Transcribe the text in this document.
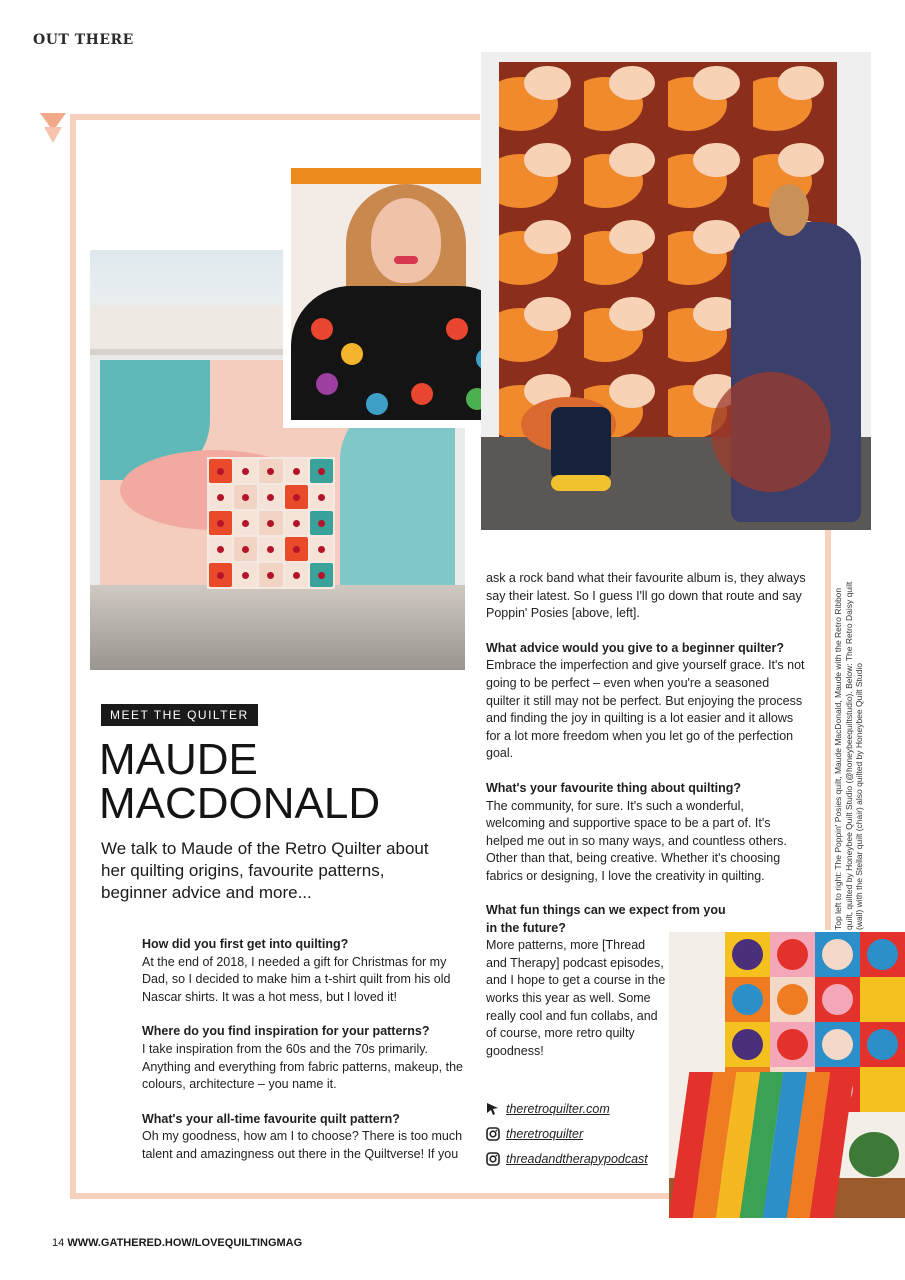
OUT THERE
Top left to right: The Poppin' Posies quilt, Maude MacDonald, Maude with the Retro Ribbon quilt, quilted by Honeybee Quilt Studio (@honeybeequiltstudio). Below: The Retro Daisy quilt (wall) with the Stellar quilt (chair) also quilted by Honeybee Quilt Studio
MEET THE QUILTER
MAUDE
MACDONALD

We talk to Maude of the Retro Quilter about her quilting origins, favourite patterns, beginner advice and more...

How did you first get into quilting?
At the end of 2018, I needed a gift for Christmas for my Dad, so I decided to make him a t-shirt quilt from his old Nascar shirts. It was a hot mess, but I loved it!
Where do you find inspiration for your patterns?
I take inspiration from the 60s and the 70s primarily. Anything and everything from fabric patterns, makeup, the colours, architecture – you name it.
What's your all-time favourite quilt pattern?
Oh my goodness, how am I to choose? There is too much talent and amazingness out there in the Quiltverse! If you
ask a rock band what their favourite album is, they always say their latest. So I guess I'll go down that route and say Poppin' Posies [above, left].
What advice would you give to a beginner quilter?
Embrace the imperfection and give yourself grace. It's not going to be perfect – even when you're a seasoned quilter it still may not be perfect. But enjoying the process and finding the joy in quilting is a lot easier and it allows for a lot more freedom when you let go of the perfection goal.
What's your favourite thing about quilting?
The community, for sure. It's such a wonderful, welcoming and supportive space to be a part of. It's helped me out in so many ways, and countless others. Other than that, being creative. Whether it's choosing fabrics or designing, I love the creativity in quilting.
What fun things can we expect from you in the future?
More patterns, more [Thread and Therapy] podcast episodes, and I hope to get a course in the works this year as well. Some really cool and fun collabs, and of course, more retro quilty goodness!
theretroquilter.com
theretroquilter
threadandtherapypodcast
14 WWW.GATHERED.HOW/LOVEQUILTINGMAG
